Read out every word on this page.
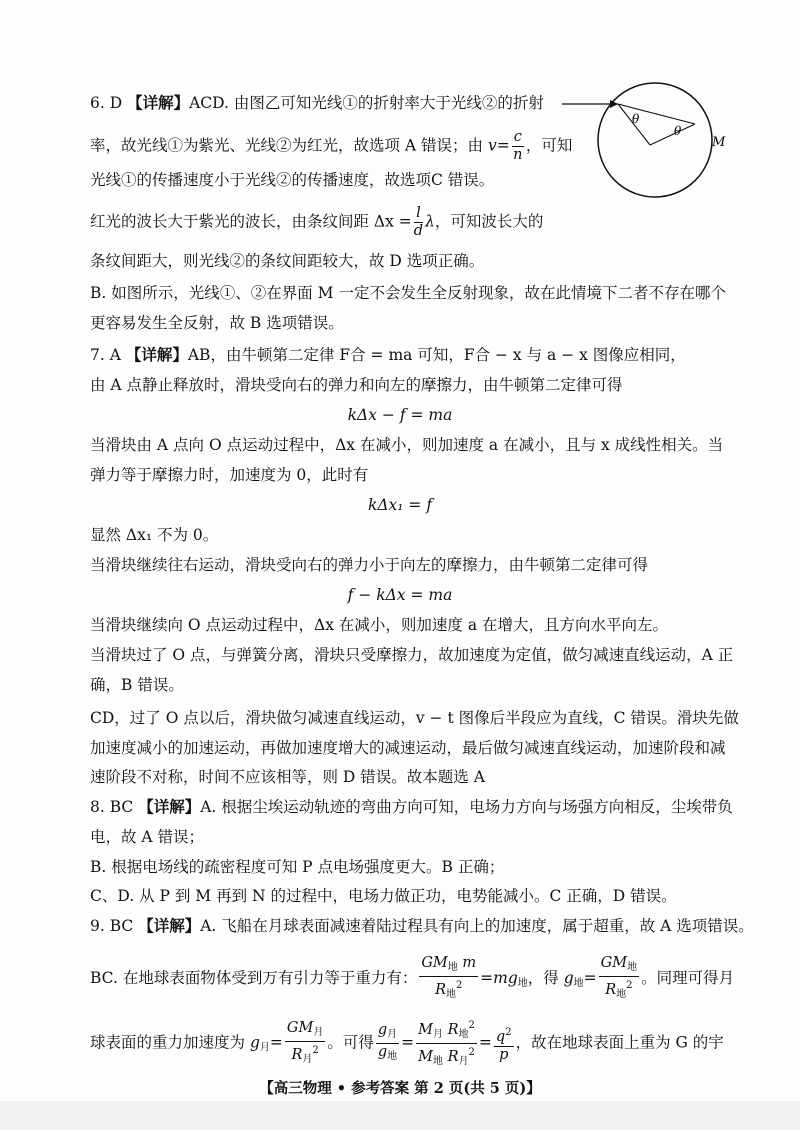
6. D 【详解】ACD. 由图乙可知光线①的折射率大于光线②的折射
率，故光线①为紫光、光线②为红光，故选项 A 错误；由 $v= \frac{c}{n}$ ，可知
光线①的传播速度小于光线②的传播速度，故选项C 错误。
红光的波长大于紫光的波长，由条纹间距 $\Delta x = \frac{l}{d}$ λ，可知波长大的
条纹间距大，则光线②的条纹间距较大，故 D 选项正确。
B. 如图所示，光线①、②在界面 M 一定不会发生全反射现象，故在此情境下二者不存在哪个
更容易发生全反射，故 B 选项错误。
θ
θ
M
7. A 【详解】AB，由牛顿第二定律 F合 = ma 可知，F合 − x 与 a − x 图像应相同，
由 A 点静止释放时，滑块受向右的弹力和向左的摩擦力，由牛顿第二定律可得
kΔx − f = ma
当滑块由 A 点向 O 点运动过程中，Δx 在减小，则加速度 a 在减小，且与 x 成线性相关。当
弹力等于摩擦力时，加速度为 0，此时有
kΔx₁ = f
显然 Δx₁ 不为 0。
当滑块继续往右运动，滑块受向右的弹力小于向左的摩擦力，由牛顿第二定律可得
f − kΔx = ma
当滑块继续向 O 点运动过程中，Δx 在减小，则加速度 a 在增大，且方向水平向左。
当滑块过了 O 点，与弹簧分离，滑块只受摩擦力，故加速度为定值，做匀减速直线运动，A 正
确，B 错误。
CD，过了 O 点以后，滑块做匀减速直线运动，v − t 图像后半段应为直线，C 错误。滑块先做
加速度减小的加速运动，再做加速度增大的减速运动，最后做匀减速直线运动，加速阶段和减
速阶段不对称，时间不应该相等，则 D 错误。故本题选 A
8. BC 【详解】A. 根据尘埃运动轨迹的弯曲方向可知，电场力方向与场强方向相反，尘埃带负
电，故 A 错误；
B. 根据电场线的疏密程度可知 P 点电场强度更大。B 正确；
C、D. 从 P 到 M 再到 N 的过程中，电场力做正功，电势能减小。C 正确，D 错误。
9. BC 【详解】A. 飞船在月球表面减速着陆过程具有向上的加速度，属于超重，故 A 选项错误。
BC. 在地球表面物体受到万有引力等于重力有： $\frac{GM_地 m}{R_地^2} =mg_地$，得 $g_地= \frac{GM_地}{R_地^2}$ 。同理可得月
球表面的重力加速度为 $g_月= \frac{GM_月}{R_月^2}$ 。可得 $\frac{g_月}{g_地} = \frac{M_月 R_地^2}{M_地 R_月^2} = \frac{q^2}{p}$ ，故在地球表面上重为 G 的宇
【高三物理 • 参考答案 第 2 页(共 5 页)】
